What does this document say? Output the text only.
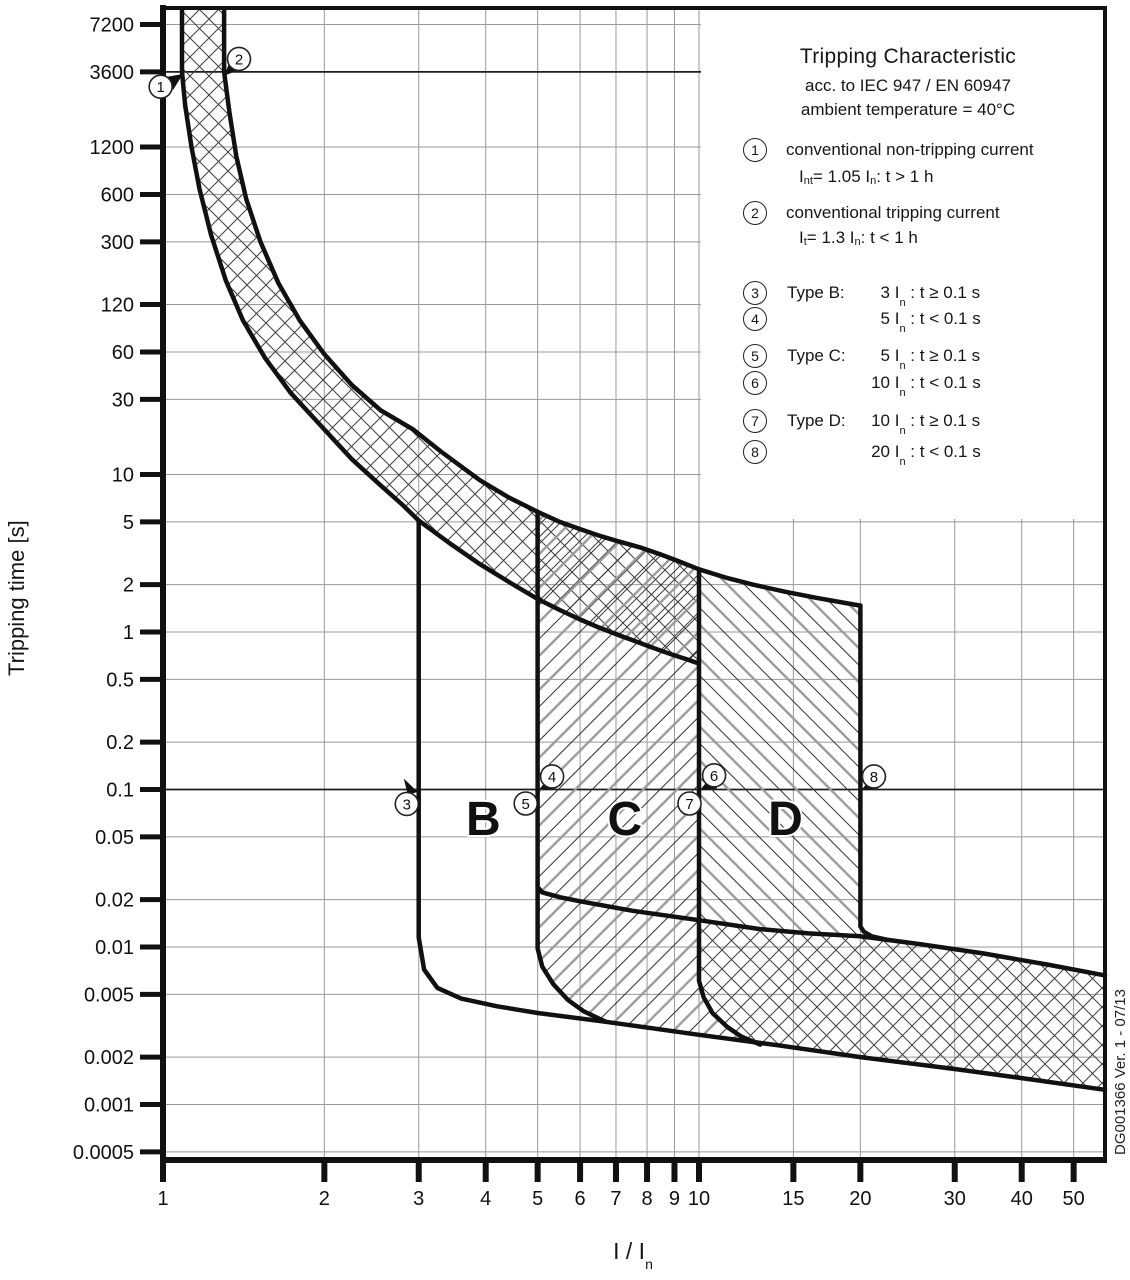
7200
3600
1200
600
300
120
60
30
10
5
2
1
0.5
0.2
0.1
0.05
0.02
0.01
0.005
0.002
0.001
0.0005
1	2	3	4 5 6 7 8 9 10	15 20	30 40 50
B C	D
1
2
3
4
5
6
7
8
Tripping Characteristic
acc. to IEC 947 / EN 60947
ambient temperature = 40°C
$I_{nt} = 1.05$ $I_n$ : t > 1 h
1	conventional non-tripping current
$I_t = 1.3$ $I_n$ : t < 1 h
2	conventional tripping current
3	Type B:	3 $I_n$ : t ≥ 0.1 s
4	5 $I_n$ : t < 0.1 s
5	Type C:	5 $I_n$ : t ≥ 0.1 s
6	10 $I_n$ : t < 0.1 s
7	Type D:	10 $I_n$ : t ≥ 0.1 s
8	20 $I_n$ : t < 0.1 s
Tripping time [s]
I / $I_n$
DG001366 Ver. 1 - 07/13
